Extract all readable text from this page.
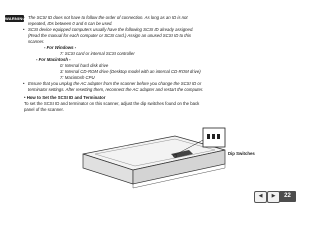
WARNING
• The SCSI ID does not have to follow the order of connection. As long as an ID is not
repeated, IDs between 0 and 6 can be used.
• SCSI device equipped computers usually have the following SCSI ID already assigned.
(Read the manual for each computer or SCSI card.) Assign an unused SCSI ID to this
scanner.
- For Windows -
7: SCSI card or internal SCSI controller
- For Macintosh -
0: Internal hard disk drive
3: Internal CD-ROM drive (Desktop model with an internal CD-ROM drive)
7: Macintosh CPU
• Ensure that you unplug the AC adapter from the scanner before you change the SCSI ID or
terminator settings. After resetting them, reconnect the AC adapter and restart the computer.
• How to Set the SCSI ID and Terminator
To set the SCSI ID and terminator on this scanner, adjust the dip switches found on the back
panel of the scanner.
Dip Switches
◀ ▶	22
